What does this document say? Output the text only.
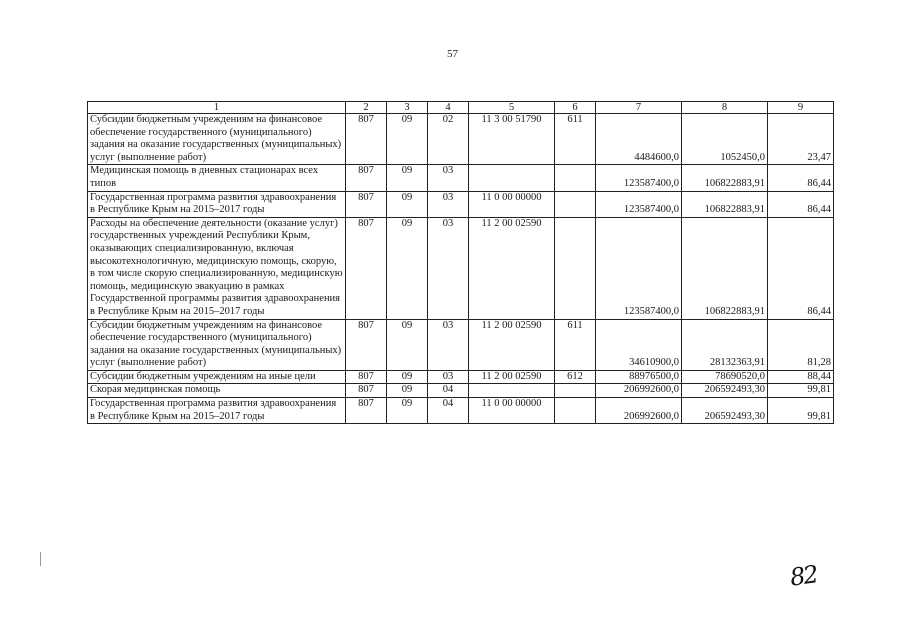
57
1	2	3	4	5	6	7	8	9
Субсидии бюджетным учреждениям на финансовое обеспечение государственного (муниципального) задания на оказание государственных (муниципальных) услуг (выполнение работ)	807	09	02	11 3 00 51790	611	4484600,0	1052450,0	23,47
Медицинская помощь в дневных стационарах всех типов	807	09	03			123587400,0	106822883,91	86,44
Государственная программа развития здравоохранения в Республике Крым на 2015–2017 годы	807	09	03	11 0 00 00000		123587400,0	106822883,91	86,44
Расходы на обеспечение деятельности (оказание услуг) государственных учреждений Республики Крым, оказывающих специализированную, включая высокотехнологичную, медицинскую помощь, скорую, в том числе скорую специализированную, медицинскую помощь, медицинскую эвакуацию в рамках Государственной программы развития здравоохранения в Республике Крым на 2015–2017 годы	807	09	03	11 2 00 02590		123587400,0	106822883,91	86,44
Субсидии бюджетным учреждениям на финансовое обеспечение государственного (муниципального) задания на оказание государственных (муниципальных) услуг (выполнение работ)	807	09	03	11 2 00 02590	611	34610900,0	28132363,91	81,28
Субсидии бюджетным учреждениям на иные цели	807	09	03	11 2 00 02590	612	88976500,0	78690520,0	88,44
Скорая медицинская помощь	807	09	04			206992600,0	206592493,30	99,81
Государственная программа развития здравоохранения в Республике Крым на 2015–2017 годы	807	09	04	11 0 00 00000		206992600,0	206592493,30	99,81
82
